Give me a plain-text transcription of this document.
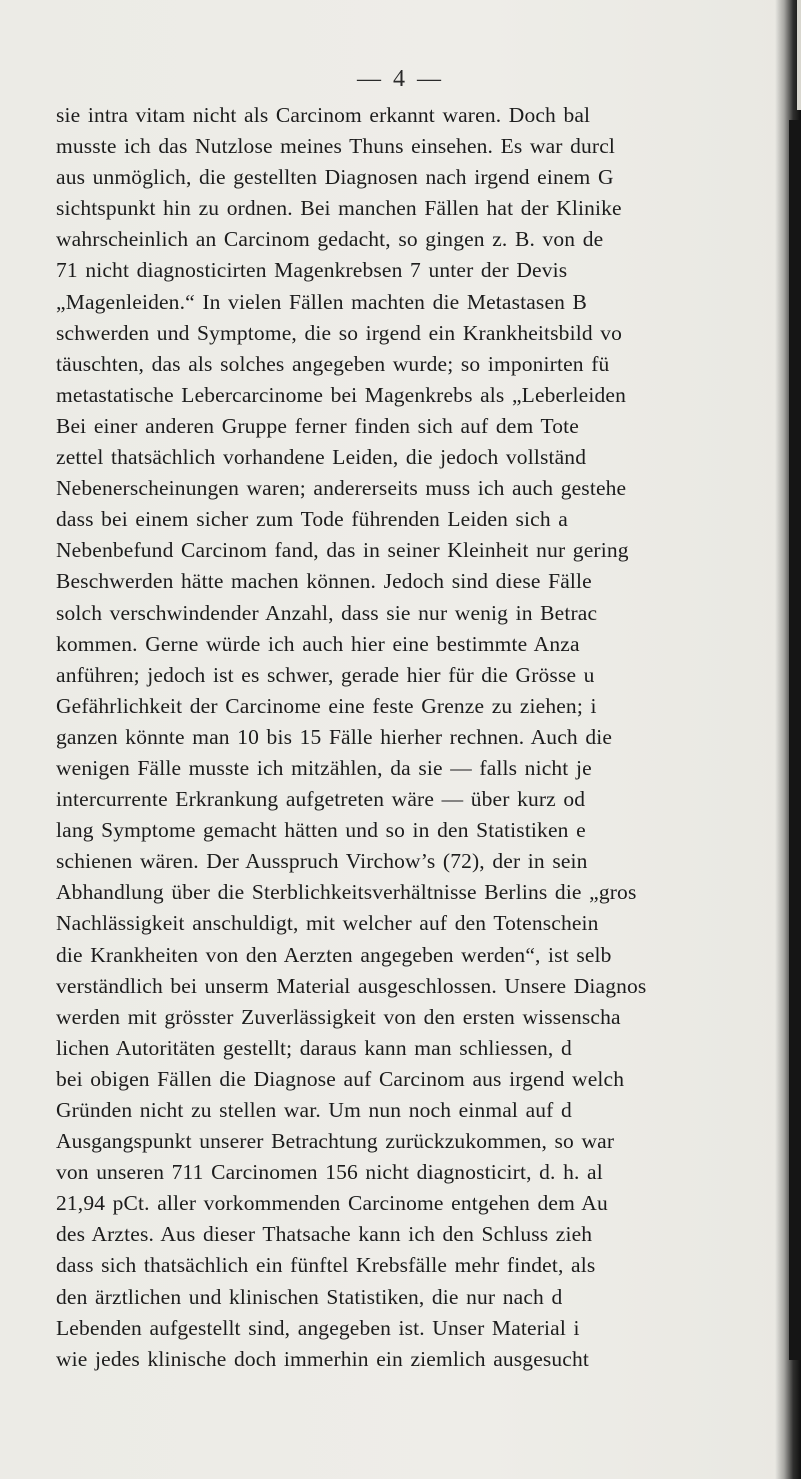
— 4 —
sie intra vitam nicht als Carcinom erkannt waren. Doch bal
musste ich das Nutzlose meines Thuns einsehen. Es war durcl
aus unmöglich, die gestellten Diagnosen nach irgend einem G
sichtspunkt hin zu ordnen. Bei manchen Fällen hat der Klinike
wahrscheinlich an Carcinom gedacht, so gingen z. B. von de
71 nicht diagnosticirten Magenkrebsen 7 unter der Devis
„Magenleiden.“ In vielen Fällen machten die Metastasen B
schwerden und Symptome, die so irgend ein Krankheitsbild vo
täuschten, das als solches angegeben wurde; so imponirten fü
metastatische Lebercarcinome bei Magenkrebs als „Leberleiden
Bei einer anderen Gruppe ferner finden sich auf dem Tote
zettel thatsächlich vorhandene Leiden, die jedoch vollständ
Nebenerscheinungen waren; andererseits muss ich auch gestehe
dass bei einem sicher zum Tode führenden Leiden sich a
Nebenbefund Carcinom fand, das in seiner Kleinheit nur gering
Beschwerden hätte machen können. Jedoch sind diese Fälle
solch verschwindender Anzahl, dass sie nur wenig in Betrac
kommen. Gerne würde ich auch hier eine bestimmte Anza
anführen; jedoch ist es schwer, gerade hier für die Grösse u
Gefährlichkeit der Carcinome eine feste Grenze zu ziehen; i
ganzen könnte man 10 bis 15 Fälle hierher rechnen. Auch die
wenigen Fälle musste ich mitzählen, da sie — falls nicht je
intercurrente Erkrankung aufgetreten wäre — über kurz od
lang Symptome gemacht hätten und so in den Statistiken e
schienen wären. Der Ausspruch Virchow’s (72), der in sein
Abhandlung über die Sterblichkeitsverhältnisse Berlins die „gros
Nachlässigkeit anschuldigt, mit welcher auf den Totenschein
die Krankheiten von den Aerzten angegeben werden“, ist selb
verständlich bei unserm Material ausgeschlossen. Unsere Diagnos
werden mit grösster Zuverlässigkeit von den ersten wissenscha
lichen Autoritäten gestellt; daraus kann man schliessen, d
bei obigen Fällen die Diagnose auf Carcinom aus irgend welch
Gründen nicht zu stellen war. Um nun noch einmal auf d
Ausgangspunkt unserer Betrachtung zurückzukommen, so war
von unseren 711 Carcinomen 156 nicht diagnosticirt, d. h. al
21,94 pCt. aller vorkommenden Carcinome entgehen dem Au
des Arztes. Aus dieser Thatsache kann ich den Schluss zieh
dass sich thatsächlich ein fünftel Krebsfälle mehr findet, als
den ärztlichen und klinischen Statistiken, die nur nach d
Lebenden aufgestellt sind, angegeben ist. Unser Material i
wie jedes klinische doch immerhin ein ziemlich ausgesucht
